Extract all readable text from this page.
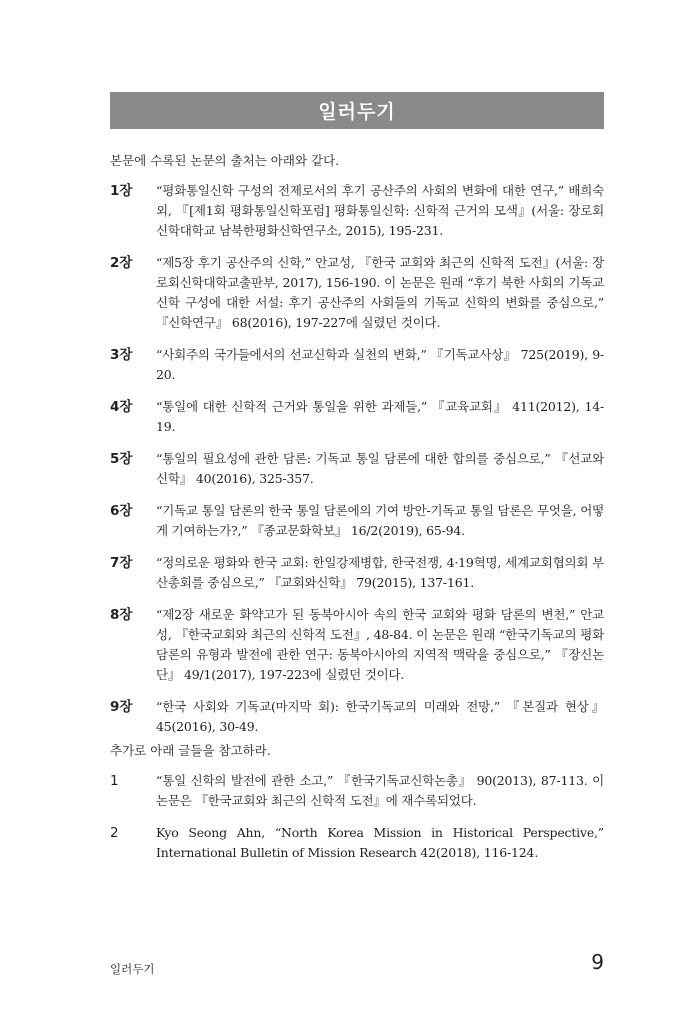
일러두기
본문에 수록된 논문의 출처는 아래와 같다.
1장	“평화통일신학 구성의 전제로서의 후기 공산주의 사회의 변화에 대한 연구,” 배희숙 외, 『[제1회 평화통일신학포럼] 평화통일신학: 신학적 근거의 모색』(서울: 장로회신학대학교 남북한평화신학연구소, 2015), 195-231.
2장	“제5장 후기 공산주의 신학,” 안교성, 『한국 교회와 최근의 신학적 도전』(서울: 장로회신학대학교출판부, 2017), 156-190. 이 논문은 원래 “후기 북한 사회의 기독교 신학 구성에 대한 서설: 후기 공산주의 사회들의 기독교 신학의 변화를 중심으로,” 『신학연구』 68(2016), 197-227에 실렸던 것이다.
3장	“사회주의 국가들에서의 선교신학과 실천의 변화,” 『기독교사상』 725(2019), 9-20.
4장	“통일에 대한 신학적 근거와 통일을 위한 과제들,” 『교육교회』 411(2012), 14-19.
5장	“통일의 필요성에 관한 담론: 기독교 통일 담론에 대한 합의를 중심으로,” 『선교와 신학』 40(2016), 325-357.
6장	“기독교 통일 담론의 한국 통일 담론에의 기여 방안-기독교 통일 담론은 무엇을, 어떻게 기여하는가?,” 『종교문화학보』 16/2(2019), 65-94.
7장	“정의로운 평화와 한국 교회: 한일강제병합, 한국전쟁, 4·19혁명, 세계교회협의회 부산총회를 중심으로,” 『교회와신학』 79(2015), 137-161.
8장	“제2장 새로운 화약고가 된 동북아시아 속의 한국 교회와 평화 담론의 변천,” 안교성, 『한국교회와 최근의 신학적 도전』, 48-84. 이 논문은 원래 “한국기독교의 평화 담론의 유형과 발전에 관한 연구: 동북아시아의 지역적 맥락을 중심으로,” 『장신논단』 49/1(2017), 197-223에 실렸던 것이다.
9장	“한국 사회와 기독교(마지막 회): 한국기독교의 미래와 전망,” 『본질과 현상』 45(2016), 30-49.
추가로 아래 글들을 참고하라.
1	“통일 신학의 발전에 관한 소고,” 『한국기독교신학논총』 90(2013), 87-113. 이 논문은 『한국교회와 최근의 신학적 도전』에 재수록되었다.
2	Kyo Seong Ahn, “North Korea Mission in Historical Perspective,” International Bulletin of Mission Research 42(2018), 116-124.
일러두기	9
